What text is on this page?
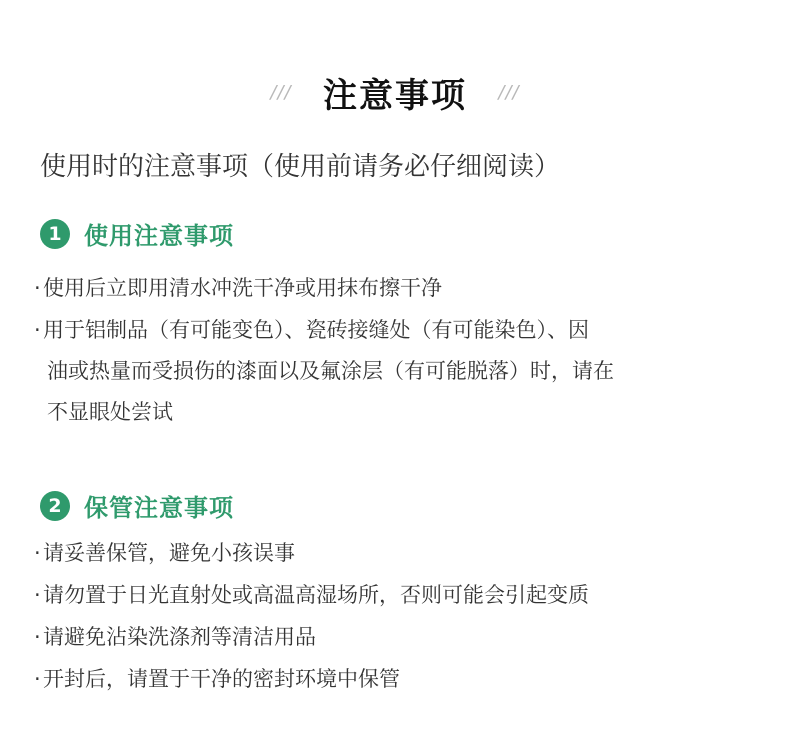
/// 注意事项	///
使用时的注意事项（使用前请务必仔细阅读）
1 使用注意事项
· 使用后立即用清水冲洗干净或用抹布擦干净
· 用于铝制品（有可能变色）、瓷砖接缝处（有可能染色）、因
油或热量而受损伤的漆面以及氟涂层（有可能脱落）时，请在
不显眼处尝试
2 保管注意事项
· 请妥善保管，避免小孩误事
· 请勿置于日光直射处或高温高湿场所，否则可能会引起变质
· 请避免沾染洗涤剂等清洁用品
· 开封后，请置于干净的密封环境中保管
